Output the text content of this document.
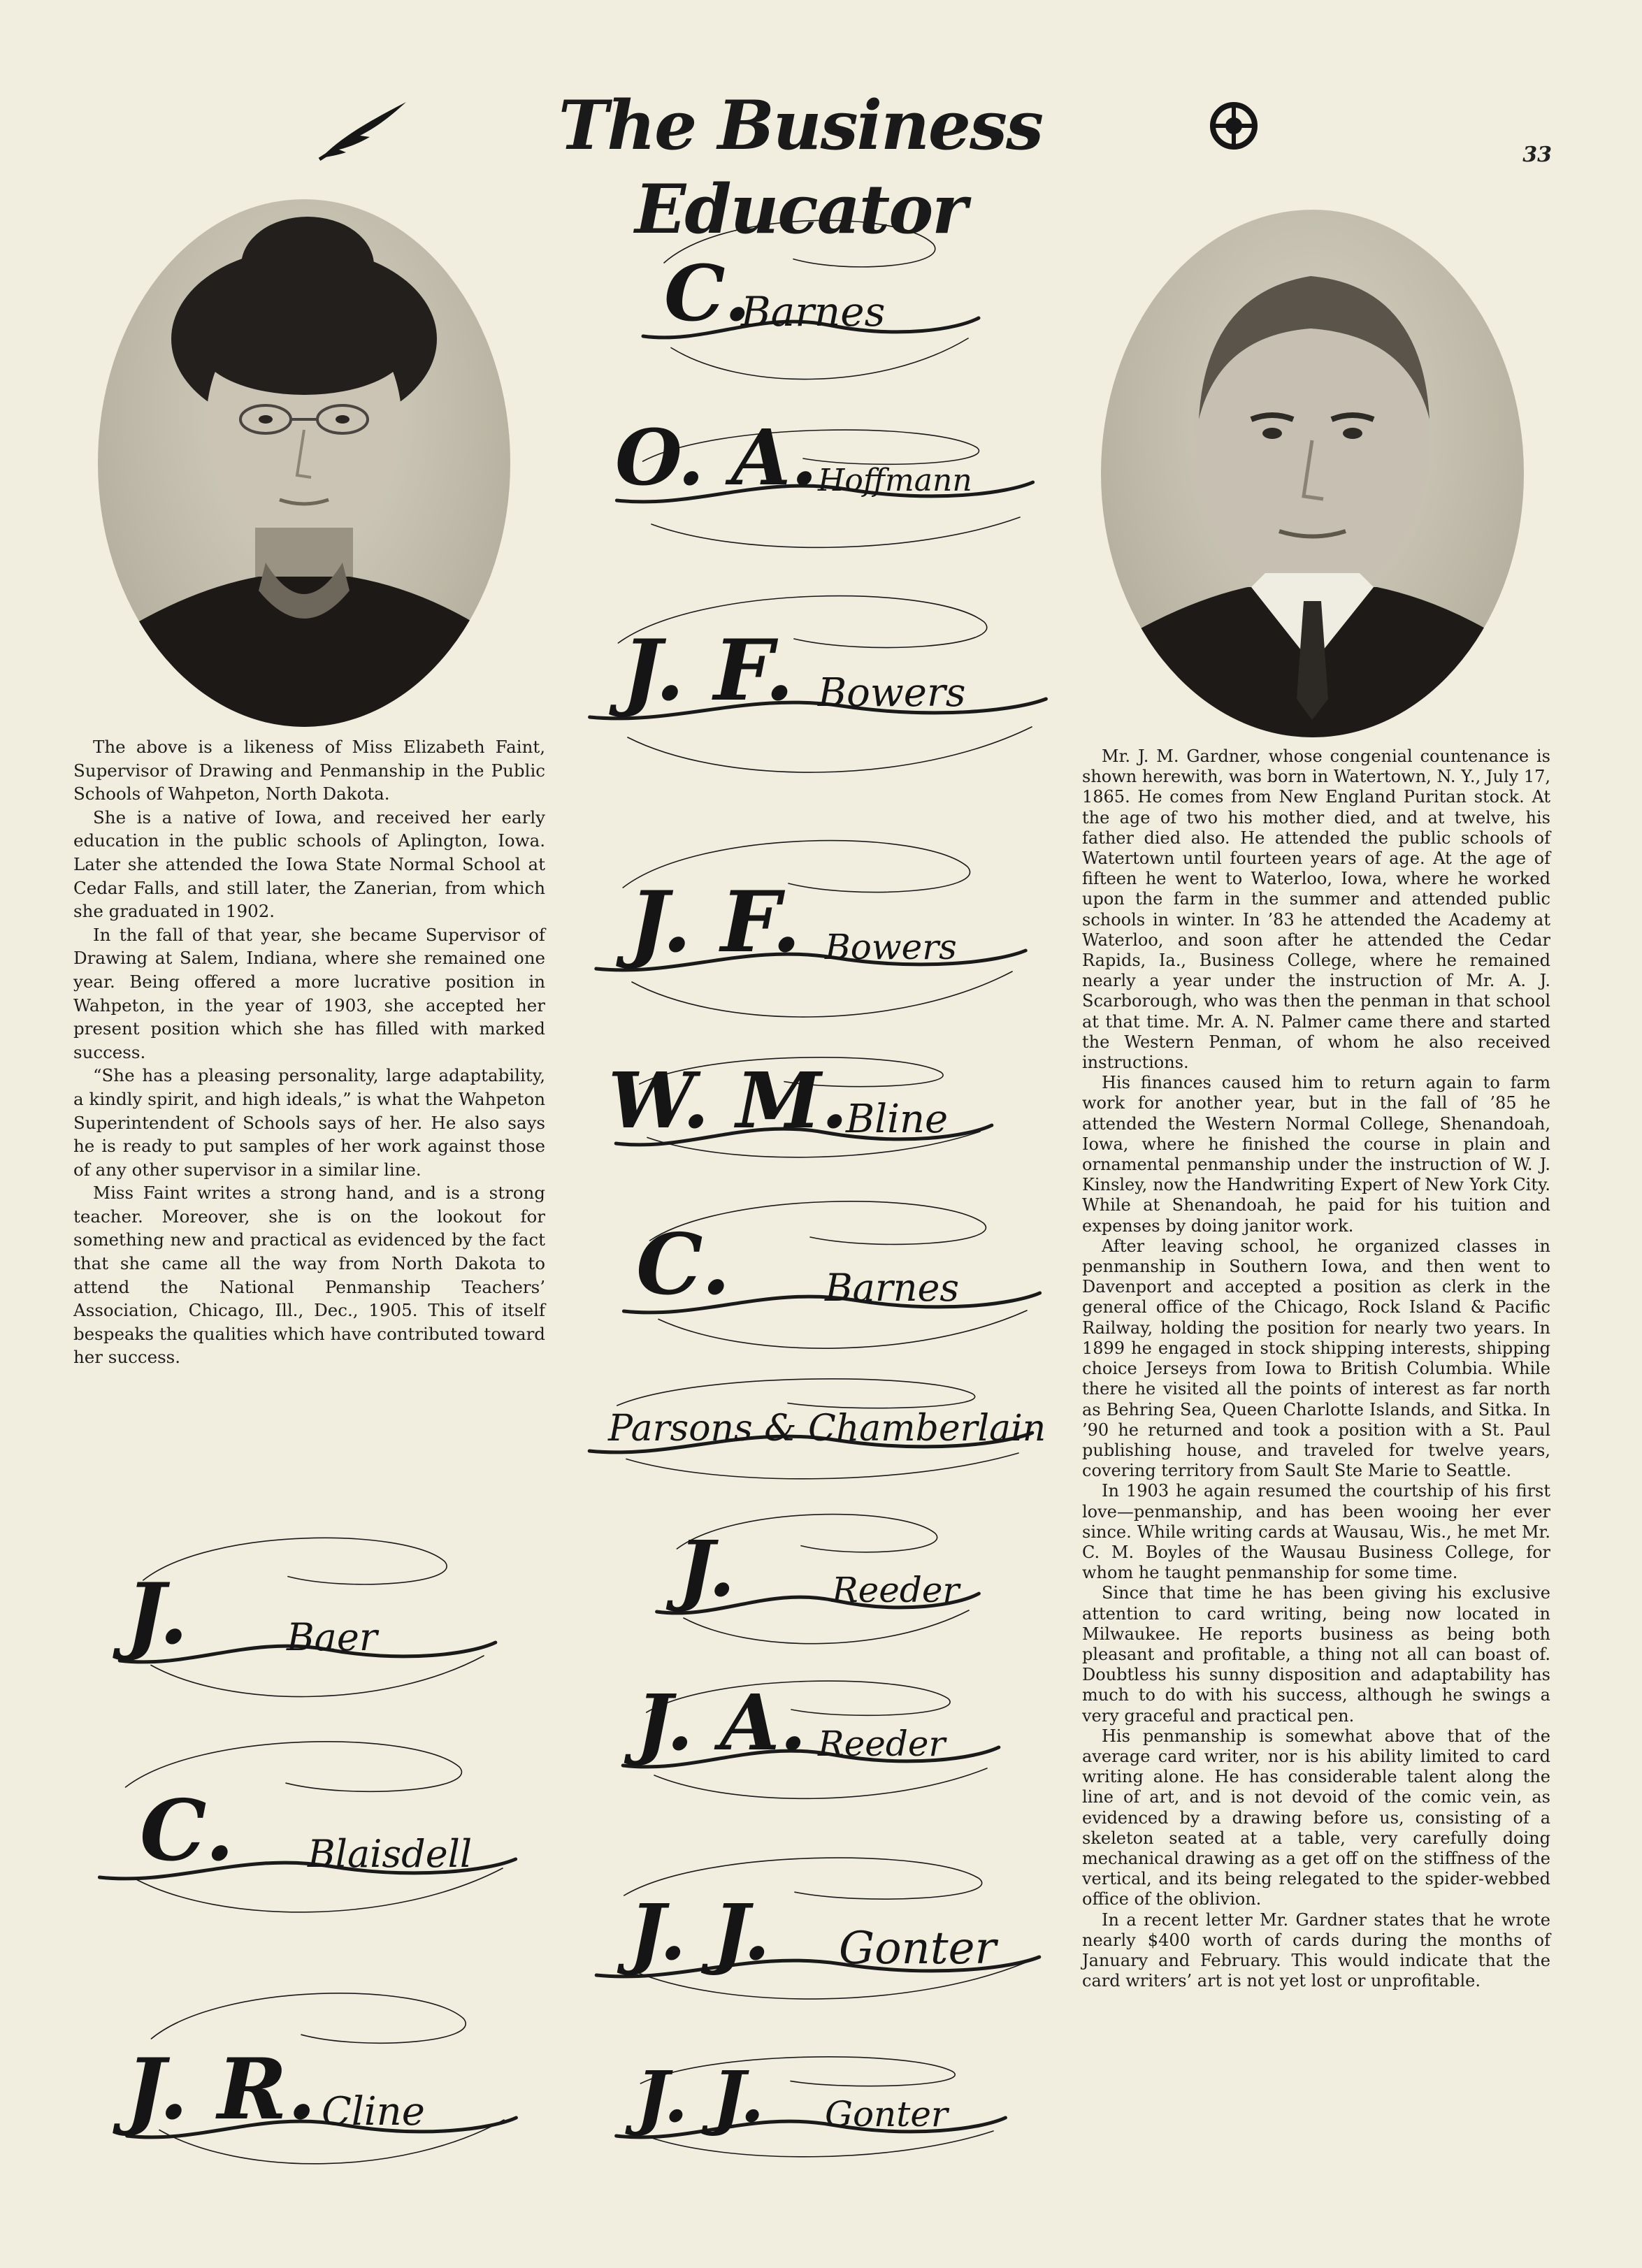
The Business Educator
33

The above is a likeness of Miss Elizabeth Faint, Supervisor of Drawing and Penmanship in the Public Schools of Wahpeton, North Dakota.

She is a native of Iowa, and received her early education in the public schools of Aplington, Iowa. Later she attended the Iowa State Normal School at Cedar Falls, and still later, the Zanerian, from which she graduated in 1902.

In the fall of that year, she became Supervisor of Drawing at Salem, Indiana, where she remained one year. Being offered a more lucrative position in Wahpeton, in the year of 1903, she accepted her present position which she has filled with marked success.

“She has a pleasing personality, large adaptability, a kindly spirit, and high ideals,” is what the Wahpeton Superintendent of Schools says of her. He also says he is ready to put samples of her work against those of any other supervisor in a similar line.

Miss Faint writes a strong hand, and is a strong teacher. Moreover, she is on the lookout for something new and practical as evidenced by the fact that she came all the way from North Dakota to attend the National Penmanship Teachers’ Association, Chicago, Ill., Dec., 1905. This of itself bespeaks the qualities which have contributed toward her success.

Mr. J. M. Gardner, whose congenial countenance is shown herewith, was born in Watertown, N. Y., July 17, 1865. He comes from New England Puritan stock. At the age of two his mother died, and at twelve, his father died also. He attended the public schools of Watertown until fourteen years of age. At the age of fifteen he went to Waterloo, Iowa, where he worked upon the farm in the summer and attended public schools in winter. In ’83 he attended the Academy at Waterloo, and soon after he attended the Cedar Rapids, Ia., Business College, where he remained nearly a year under the instruction of Mr. A. J. Scarborough, who was then the penman in that school at that time. Mr. A. N. Palmer came there and started the Western Penman, of whom he also received instructions.

His finances caused him to return again to farm work for another year, but in the fall of ’85 he attended the Western Normal College, Shenandoah, Iowa, where he finished the course in plain and ornamental penmanship under the instruction of W. J. Kinsley, now the Handwriting Expert of New York City. While at Shenandoah, he paid for his tuition and expenses by doing janitor work.

After leaving school, he organized classes in penmanship in Southern Iowa, and then went to Davenport and accepted a position as clerk in the general office of the Chicago, Rock Island & Pacific Railway, holding the position for nearly two years. In 1899 he engaged in stock shipping interests, shipping choice Jerseys from Iowa to British Columbia. While there he visited all the points of interest as far north as Behring Sea, Queen Charlotte Islands, and Sitka. In ’90 he returned and took a position with a St. Paul publishing house, and traveled for twelve years, covering territory from Sault Ste Marie to Seattle.

In 1903 he again resumed the courtship of his first love—penmanship, and has been wooing her ever since. While writing cards at Wausau, Wis., he met Mr. C. M. Boyles of the Wausau Business College, for whom he taught penmanship for some time.

Since that time he has been giving his exclusive attention to card writing, being now located in Milwaukee. He reports business as being both pleasant and profitable, a thing not all can boast of. Doubtless his sunny disposition and adaptability has much to do with his success, although he swings a very graceful and practical pen.

His penmanship is somewhat above that of the average card writer, nor is his ability limited to card writing alone. He has considerable talent along the line of art, and is not devoid of the comic vein, as evidenced by a drawing before us, consisting of a skeleton seated at a table, very carefully doing mechanical drawing as a get off on the stiffness of the vertical, and its being relegated to the spider-webbed office of the oblivion.

In a recent letter Mr. Gardner states that he wrote nearly $400 worth of cards during the months of January and February. This would indicate that the card writers’ art is not yet lost or unprofitable.

C.
Barnes
O. A. Hoffmann
J. F. Bowers
J. F. Bowers
W. M.
Bline
C. Barnes
Parsons & Chamberlain
J.	Reeder
J. A. Reeder
J. J. Gonter
J. J. Gonter
J.	Baer
C. Blaisdell
J. R. Cline
